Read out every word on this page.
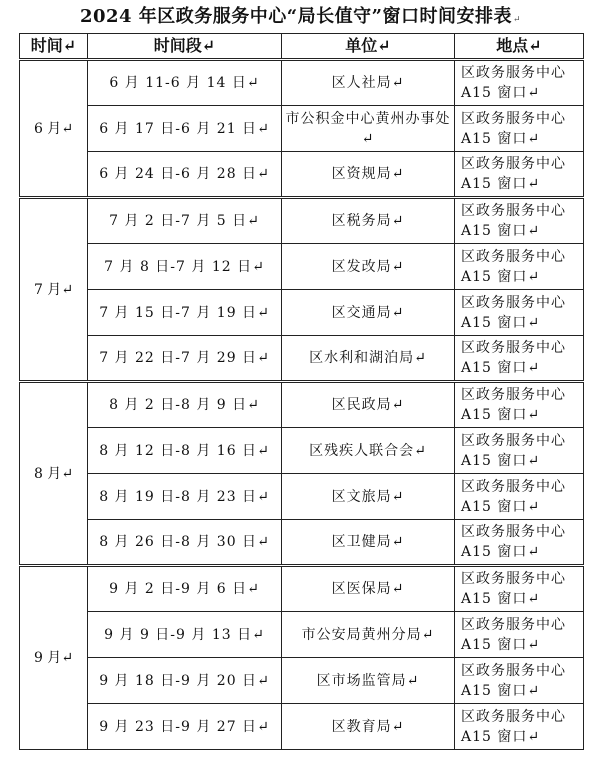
2024 年区政务服务中心“局长值守”窗口时间安排表↵
时间↵	时间段↵	单位↵	地点↵
6 月↵	6 月 11-6 月 14 日↵	区人社局↵	区政务服务中心 A15 窗口↵

	6 月 17 日-6 月 21 日↵	市公积金中心黄州办事处↵	区政务服务中心 A15 窗口↵

	6 月 24 日-6 月 28 日↵	区资规局↵	区政务服务中心 A15 窗口↵

7 月↵	7 月 2 日-7 月 5 日↵	区税务局↵	区政务服务中心 A15 窗口↵

	7 月 8 日-7 月 12 日↵	区发改局↵	区政务服务中心 A15 窗口↵

	7 月 15 日-7 月 19 日↵	区交通局↵	区政务服务中心 A15 窗口↵

	7 月 22 日-7 月 29 日↵	区水利和湖泊局↵	区政务服务中心 A15 窗口↵

8 月↵	8 月 2 日-8 月 9 日↵	区民政局↵	区政务服务中心 A15 窗口↵

	8 月 12 日-8 月 16 日↵	区残疾人联合会↵	区政务服务中心 A15 窗口↵

	8 月 19 日-8 月 23 日↵	区文旅局↵	区政务服务中心 A15 窗口↵

	8 月 26 日-8 月 30 日↵	区卫健局↵	区政务服务中心 A15 窗口↵

9 月↵	9 月 2 日-9 月 6 日↵	区医保局↵	区政务服务中心 A15 窗口↵

	9 月 9 日-9 月 13 日↵	市公安局黄州分局↵	区政务服务中心 A15 窗口↵

	9 月 18 日-9 月 20 日↵	区市场监管局↵	区政务服务中心 A15 窗口↵

	9 月 23 日-9 月 27 日↵	区教育局↵	区政务服务中心 A15 窗口↵
